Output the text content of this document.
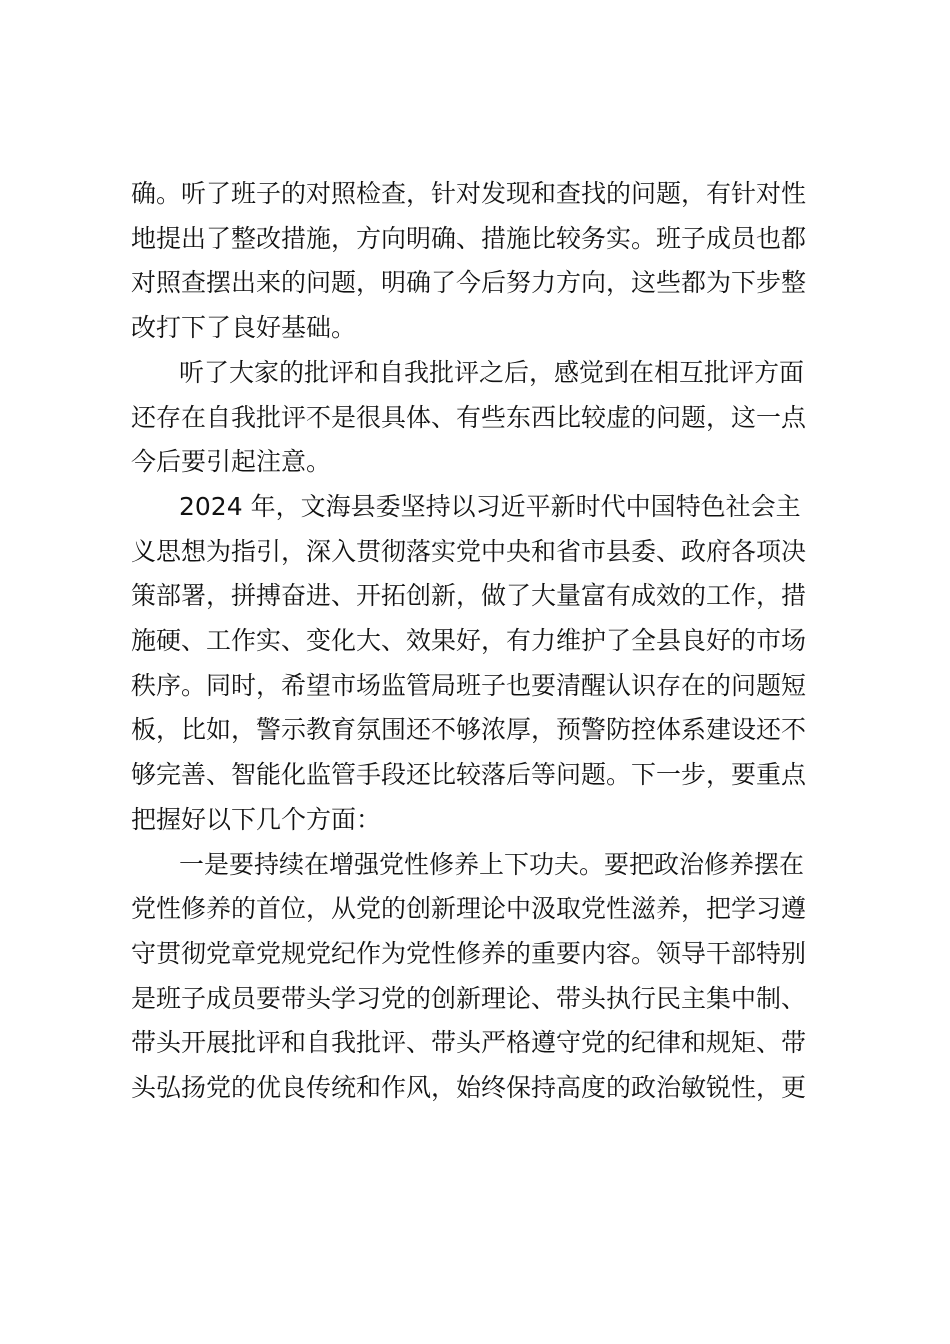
确。听了班子的对照检查，针对发现和查找的问题，有针对性
地提出了整改措施，方向明确、措施比较务实。班子成员也都
对照查摆出来的问题，明确了今后努力方向，这些都为下步整
改打下了良好基础。
听了大家的批评和自我批评之后，感觉到在相互批评方面
还存在自我批评不是很具体、有些东西比较虚的问题，这一点
今后要引起注意。
2024 年，文海县委坚持以习近平新时代中国特色社会主
义思想为指引，深入贯彻落实党中央和省市县委、政府各项决
策部署，拼搏奋进、开拓创新，做了大量富有成效的工作，措
施硬、工作实、变化大、效果好，有力维护了全县良好的市场
秩序。同时，希望市场监管局班子也要清醒认识存在的问题短
板，比如，警示教育氛围还不够浓厚，预警防控体系建设还不
够完善、智能化监管手段还比较落后等问题。下一步，要重点
把握好以下几个方面：
一是要持续在增强党性修养上下功夫。要把政治修养摆在
党性修养的首位，从党的创新理论中汲取党性滋养，把学习遵
守贯彻党章党规党纪作为党性修养的重要内容。领导干部特别
是班子成员要带头学习党的创新理论、带头执行民主集中制、
带头开展批评和自我批评、带头严格遵守党的纪律和规矩、带
头弘扬党的优良传统和作风，始终保持高度的政治敏锐性，更
